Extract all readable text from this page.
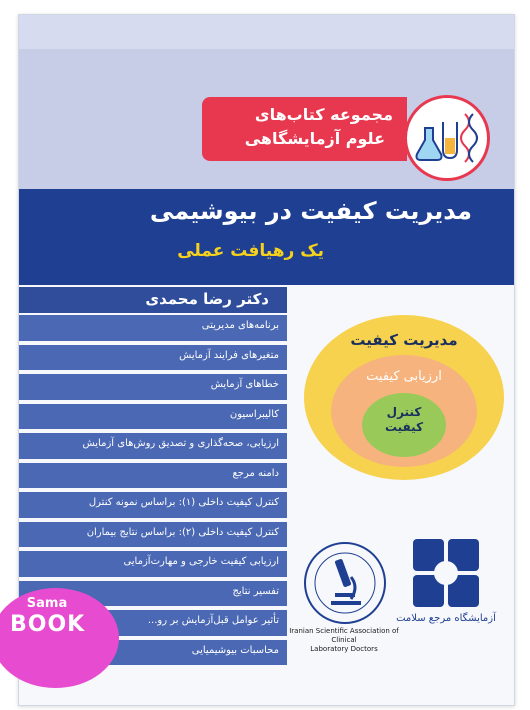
مجموعه کتاب‌های
علوم آزمایشگاهی
مدیریت کیفیت در بیوشیمی
یک رهیافت عملی
دکتر رضا محمدی
برنامه‌های مدیریتی
متغیرهای فرایند آزمایش
خطاهای آزمایش
کالیبراسیون
ارزیابی، صحه‌گذاری و تصدیق روش‌های آزمایش
دامنه مرجع
کنترل کیفیت داخلی (۱): براساس نمونه کنترل
کنترل کیفیت داخلی (۲): براساس نتایج بیماران
ارزیابی کیفیت خارجی و مهارت‌آزمایی
تفسیر نتایج
تأثیر عوامل قبل‌آزمایش بر رو...
محاسبات بیوشیمیایی
مدیریت کیفیت
ارزیابی کیفیت
کنترل
کیفیت
Iranian Scientific Association of Clinical
Laboratory Doctors
آزمایشگاه مرجع سلامت
Sama
BOOK
